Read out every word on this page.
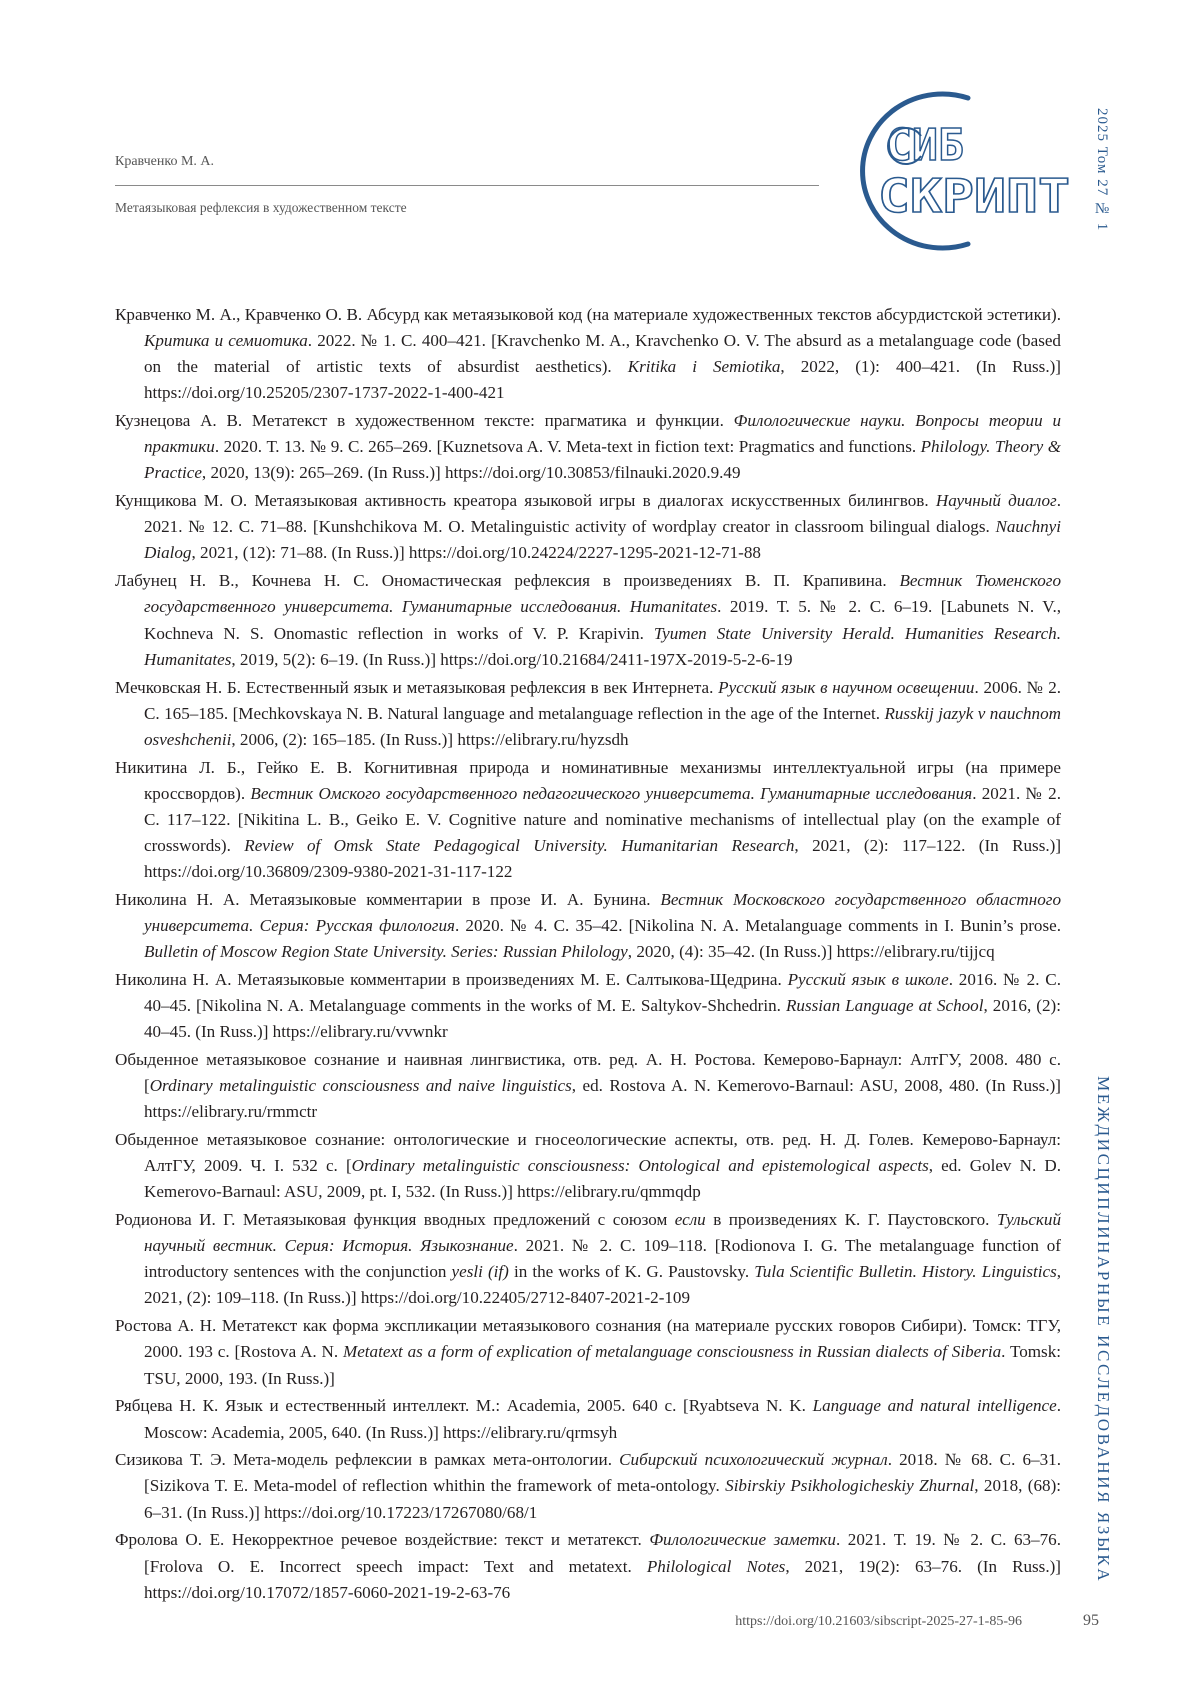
Кравченко М. А.
Метаязыковая рефлексия в художественном тексте
СИБ
СКРИПТ 2025 Том 27 № 1
МЕЖДИСЦИПЛИНАРНЫЕ ИССЛЕДОВАНИЯ ЯЗЫКА

Кравченко М. А., Кравченко О. В. Абсурд как метаязыковой код (на материале художественных текстов абсурдистской эстетики). Критика и семиотика. 2022. № 1. С. 400–421. [Kravchenko M. A., Kravchenko O. V. The absurd as a metalanguage code (based on the material of artistic texts of absurdist aesthetics). Kritika i Semiotika, 2022, (1): 400–421. (In Russ.)] https://doi.org/10.25205/2307-1737-2022-1-400-421

Кузнецова А. В. Метатекст в художественном тексте: прагматика и функции. Филологические науки. Вопросы теории и практики. 2020. Т. 13. № 9. С. 265–269. [Kuznetsova A. V. Meta-text in fiction text: Pragmatics and functions. Philology. Theory & Practice, 2020, 13(9): 265–269. (In Russ.)] https://doi.org/10.30853/filnauki.2020.9.49

Кунщикова М. О. Метаязыковая активность креатора языковой игры в диалогах искусственных билингвов. Научный диалог. 2021. № 12. С. 71–88. [Kunshchikova M. O. Metalinguistic activity of wordplay creator in classroom bilingual dialogs. Nauchnyi Dialog, 2021, (12): 71–88. (In Russ.)] https://doi.org/10.24224/2227-1295-2021-12-71-88

Лабунец Н. В., Кочнева Н. С. Ономастическая рефлексия в произведениях В. П. Крапивина. Вестник Тюменского государственного университета. Гуманитарные исследования. Humanitates. 2019. Т. 5. № 2. С. 6–19. [Labunets N. V., Kochneva N. S. Onomastic reflection in works of V. P. Krapivin. Tyumen State University Herald. Humanities Research. Humanitates, 2019, 5(2): 6–19. (In Russ.)] https://doi.org/10.21684/2411-197X-2019-5-2-6-19

Мечковская Н. Б. Естественный язык и метаязыковая рефлексия в век Интернета. Русский язык в научном освещении. 2006. № 2. С. 165–185. [Mechkovskaya N. B. Natural language and metalanguage reflection in the age of the Internet. Russkij jazyk v nauchnom osveshchenii, 2006, (2): 165–185. (In Russ.)] https://elibrary.ru/hyzsdh

Никитина Л. Б., Гейко Е. В. Когнитивная природа и номинативные механизмы интеллектуальной игры (на примере кроссвордов). Вестник Омского государственного педагогического университета. Гуманитарные исследования. 2021. № 2. С. 117–122. [Nikitina L. B., Geiko E. V. Cognitive nature and nominative mechanisms of intellectual play (on the example of crosswords). Review of Omsk State Pedagogical University. Humanitarian Research, 2021, (2): 117–122. (In Russ.)] https://doi.org/10.36809/2309-9380-2021-31-117-122

Николина Н. А. Метаязыковые комментарии в прозе И. А. Бунина. Вестник Московского государственного областного университета. Серия: Русская филология. 2020. № 4. С. 35–42. [Nikolina N. A. Metalanguage comments in I. Bunin’s prose. Bulletin of Moscow Region State University. Series: Russian Philology, 2020, (4): 35–42. (In Russ.)] https://elibrary.ru/tijjcq

Николина Н. А. Метаязыковые комментарии в произведениях М. Е. Салтыкова-Щедрина. Русский язык в школе. 2016. № 2. С. 40–45. [Nikolina N. A. Metalanguage comments in the works of M. E. Saltykov-Shchedrin. Russian Language at School, 2016, (2): 40–45. (In Russ.)] https://elibrary.ru/vvwnkr

Обыденное метаязыковое сознание и наивная лингвистика, отв. ред. А. Н. Ростова. Кемерово-Барнаул: АлтГУ, 2008. 480 с. [Ordinary metalinguistic consciousness and naive linguistics, ed. Rostova A. N. Kemerovo-Barnaul: ASU, 2008, 480. (In Russ.)] https://elibrary.ru/rmmctr

Обыденное метаязыковое сознание: онтологические и гносеологические аспекты, отв. ред. Н. Д. Голев. Кемерово-Барнаул: АлтГУ, 2009. Ч. I. 532 с. [Ordinary metalinguistic consciousness: Ontological and epistemological aspects, ed. Golev N. D. Kemerovo-Barnaul: ASU, 2009, pt. I, 532. (In Russ.)] https://elibrary.ru/qmmqdp

Родионова И. Г. Метаязыковая функция вводных предложений с союзом если в произведениях К. Г. Паустовского. Тульский научный вестник. Серия: История. Языкознание. 2021. № 2. С. 109–118. [Rodionova I. G. The metalanguage function of introductory sentences with the conjunction yesli (if) in the works of K. G. Paustovsky. Tula Scientific Bulletin. History. Linguistics, 2021, (2): 109–118. (In Russ.)] https://doi.org/10.22405/2712-8407-2021-2-109

Ростова А. Н. Метатекст как форма экспликации метаязыкового сознания (на материале русских говоров Сибири). Томск: ТГУ, 2000. 193 с. [Rostova A. N. Metatext as a form of explication of metalanguage consciousness in Russian dialects of Siberia. Tomsk: TSU, 2000, 193. (In Russ.)]

Рябцева Н. К. Язык и естественный интеллект. М.: Academia, 2005. 640 с. [Ryabtseva N. K. Language and natural intelligence. Moscow: Academia, 2005, 640. (In Russ.)] https://elibrary.ru/qrmsyh

Сизикова Т. Э. Мета-модель рефлексии в рамках мета-онтологии. Сибирский психологический журнал. 2018. № 68. С. 6–31. [Sizikova T. E. Meta-model of reflection whithin the framework of meta-ontology. Sibirskiy Psikhologicheskiy Zhurnal, 2018, (68): 6–31. (In Russ.)] https://doi.org/10.17223/17267080/68/1

Фролова О. Е. Некорректное речевое воздействие: текст и метатекст. Филологические заметки. 2021. Т. 19. № 2. С. 63–76. [Frolova O. E. Incorrect speech impact: Text and metatext. Philological Notes, 2021, 19(2): 63–76. (In Russ.)] https://doi.org/10.17072/1857-6060-2021-19-2-63-76

https://doi.org/10.21603/sibscript-2025-27-1-85-96	95
